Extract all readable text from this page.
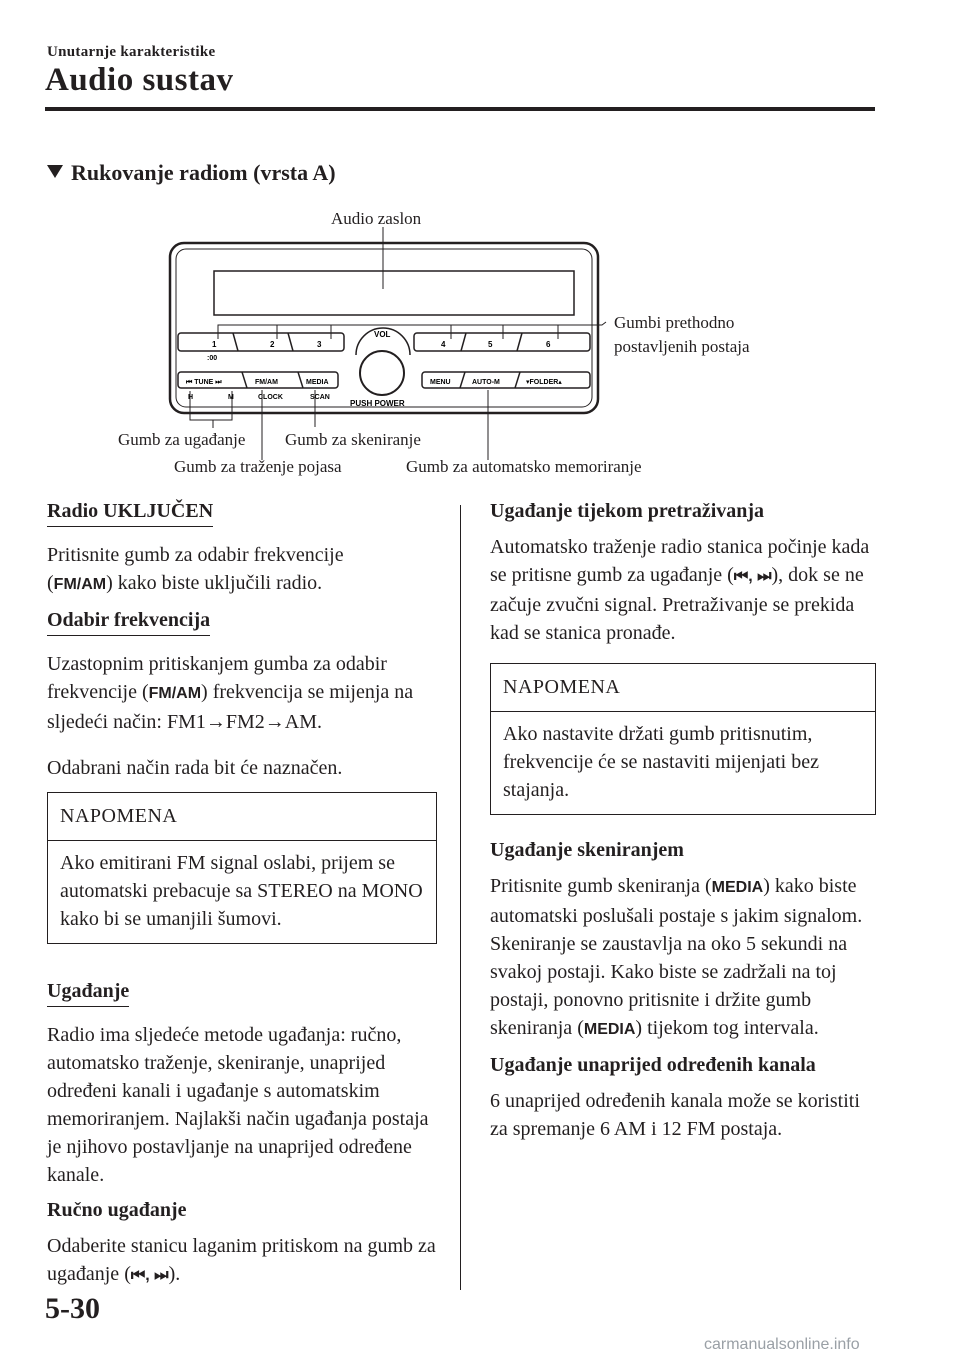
Unutarnje karakteristike
Audio sustav
Rukovanje radiom (vrsta A)
1	2	3	4	5	6
:00
VOL
PUSH POWER
⏮ TUNE ⏭	FM/AM	MEDIA	MENU	AUTO-M	▾FOLDER▴
H	M	CLOCK	SCAN
Audio zaslon
Gumbi prethodno
postavljenih postaja
Gumb za ugađanje Gumb za skeniranje
Gumb za traženje pojasa	Gumb za automatsko memoriranje
Radio UKLJUČEN

Pritisnite gumb za odabir frekvencije
(FM/AM) kako biste uključili radio.

Odabir frekvencija

Uzastopnim pritiskanjem gumba za odabir frekvencije (FM/AM) frekvencija se mijenja na sljedeći način: FM1→FM2→AM.

Odabrani način rada bit će naznačen.

NAPOMENA
Ako emitirani FM signal oslabi, prijem se automatski prebacuje sa STEREO na MONO kako bi se umanjili šumovi.
Ugađanje

Radio ima sljedeće metode ugađanja: ručno, automatsko traženje, skeniranje, unaprijed određeni kanali i ugađanje s automatskim memoriranjem. Najlakši način ugađanja postaja je njihovo postavljanje na unaprijed određene kanale.

Ručno ugađanje

Odaberite stanicu laganim pritiskom na gumb za ugađanje (⏮, ⏭).

Ugađanje tijekom pretraživanja

Automatsko traženje radio stanica počinje kada se pritisne gumb za ugađanje (⏮, ⏭), dok se ne začuje zvučni signal. Pretraživanje se prekida kad se stanica pronađe.

NAPOMENA
Ako nastavite držati gumb pritisnutim, frekvencije će se nastaviti mijenjati bez stajanja.
Ugađanje skeniranjem

Pritisnite gumb skeniranja (MEDIA) kako biste automatski poslušali postaje s jakim signalom. Skeniranje se zaustavlja na oko 5 sekundi na svakoj postaji. Kako biste se zadržali na toj postaji, ponovno pritisnite i držite gumb skeniranja (MEDIA) tijekom tog intervala.

Ugađanje unaprijed određenih kanala

6 unaprijed određenih kanala može se koristiti za spremanje 6 AM i 12 FM postaja.

5-30
carmanualsonline.info
